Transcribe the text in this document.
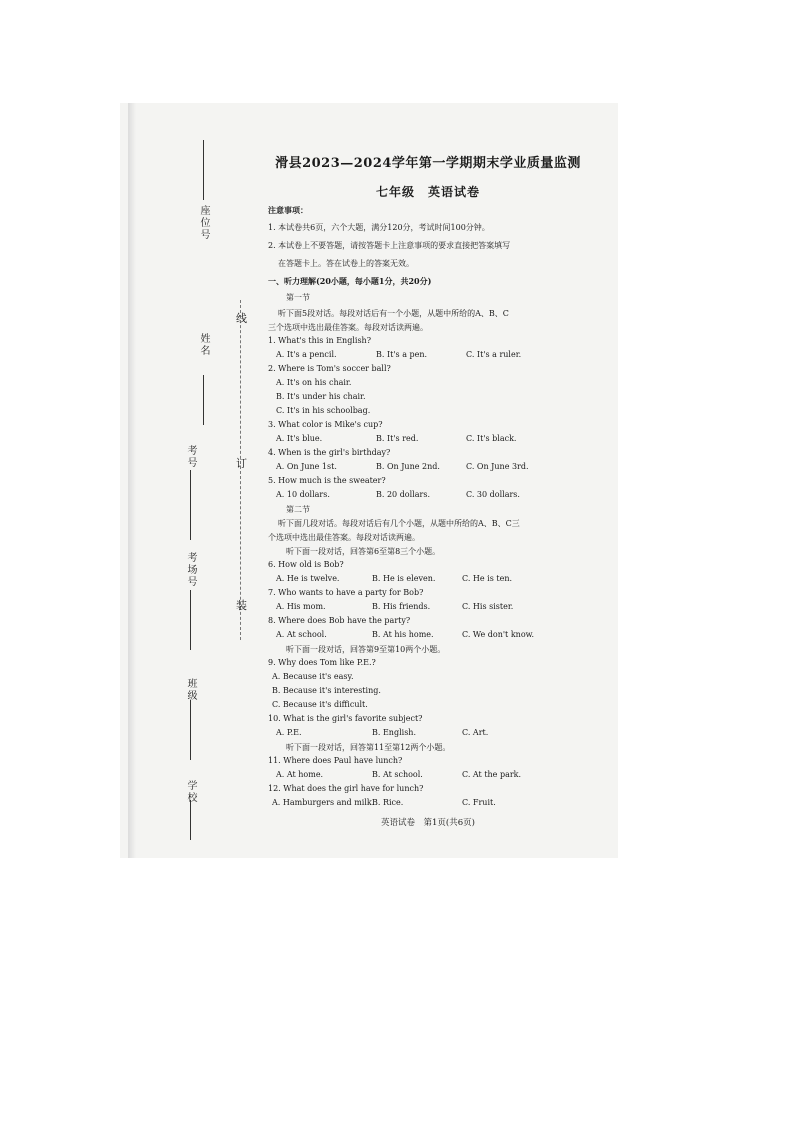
座位号
姓名
考号
考场号
班级
学校
线
订
装
滑县2023—2024学年第一学期期末学业质量监测
七年级　英语试卷
注意事项：
1. 本试卷共6页，六个大题，满分120分，考试时间100分钟。
2. 本试卷上不要答题，请按答题卡上注意事项的要求直接把答案填写
在答题卡上。答在试卷上的答案无效。
一、听力理解(20小题，每小题1分，共20分)
第一节
听下面5段对话。每段对话后有一个小题，从题中所给的A、B、C
三个选项中选出最佳答案。每段对话读两遍。
1. What's this in English?
A. It's a pencil.	B. It's a pen.	C. It's a ruler.
2. Where is Tom's soccer ball?
A. It's on his chair.
B. It's under his chair.
C. It's in his schoolbag.
3. What color is Mike's cup?
A. It's blue.	B. It's red.	C. It's black.
4. When is the girl's birthday?
A. On June 1st.	B. On June 2nd.	C. On June 3rd.
5. How much is the sweater?
A. 10 dollars.	B. 20 dollars.	C. 30 dollars.
第二节
听下面几段对话。每段对话后有几个小题，从题中所给的A、B、C三
个选项中选出最佳答案。每段对话读两遍。
听下面一段对话，回答第6至第8三个小题。
6. How old is Bob?
A. He is twelve.	B. He is eleven.	C. He is ten.
7. Who wants to have a party for Bob?
A. His mom.	B. His friends.	C. His sister.
8. Where does Bob have the party?
A. At school.	B. At his home.	C. We don't know.
听下面一段对话，回答第9至第10两个小题。
9. Why does Tom like P.E.?
A. Because it's easy.
B. Because it's interesting.
C. Because it's difficult.
10. What is the girl's favorite subject?
A. P.E.	B. English.	C. Art.
听下面一段对话，回答第11至第12两个小题。
11. Where does Paul have lunch?
A. At home.	B. At school.	C. At the park.
12. What does the girl have for lunch?
A. Hamburgers and milk.
B. Rice.	C. Fruit.
英语试卷　第1页(共6页)
